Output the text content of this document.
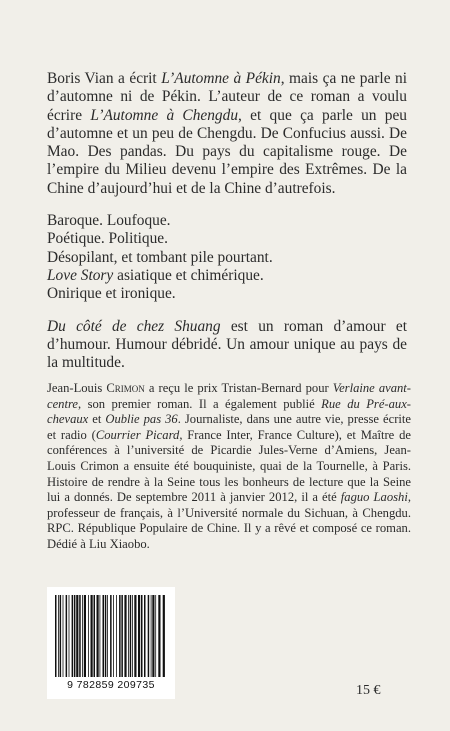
Boris Vian a écrit L’Automne à Pékin, mais ça ne parle ni d’automne ni de Pékin. L’auteur de ce roman a voulu écrire L’Automne à Chengdu, et que ça parle un peu d’automne et un peu de Chengdu. De Confucius aussi. De Mao. Des pandas. Du pays du capitalisme rouge. De l’empire du Milieu devenu l’empire des Extrêmes. De la Chine d’aujourd’hui et de la Chine d’autrefois.

Baroque. Loufoque.

Poétique. Politique.

Désopilant, et tombant pile pourtant.

Love Story asiatique et chimérique.

Onirique et ironique.

Du côté de chez Shuang est un roman d’amour et d’humour. Humour débridé. Un amour unique au pays de la multitude.

Jean-Louis Crimon a reçu le prix Tristan-Bernard pour Verlaine avant-centre, son premier roman. Il a également publié Rue du Pré-aux-chevaux et Oublie pas 36. Journaliste, dans une autre vie, presse écrite et radio (Courrier Picard, France Inter, France Culture), et Maître de conférences à l’université de Picardie Jules-Verne d’Amiens, Jean-Louis Crimon a ensuite été bouquiniste, quai de la Tournelle, à Paris. Histoire de rendre à la Seine tous les bonheurs de lecture que la Seine lui a donnés. De septembre 2011 à janvier 2012, il a été faguo Laoshi, professeur de français, à l’Université normale du Sichuan, à Chengdu. RPC. République Populaire de Chine. Il y a rêvé et composé ce roman. Dédié à Liu Xiaobo.

9 782859 209735	15 €
